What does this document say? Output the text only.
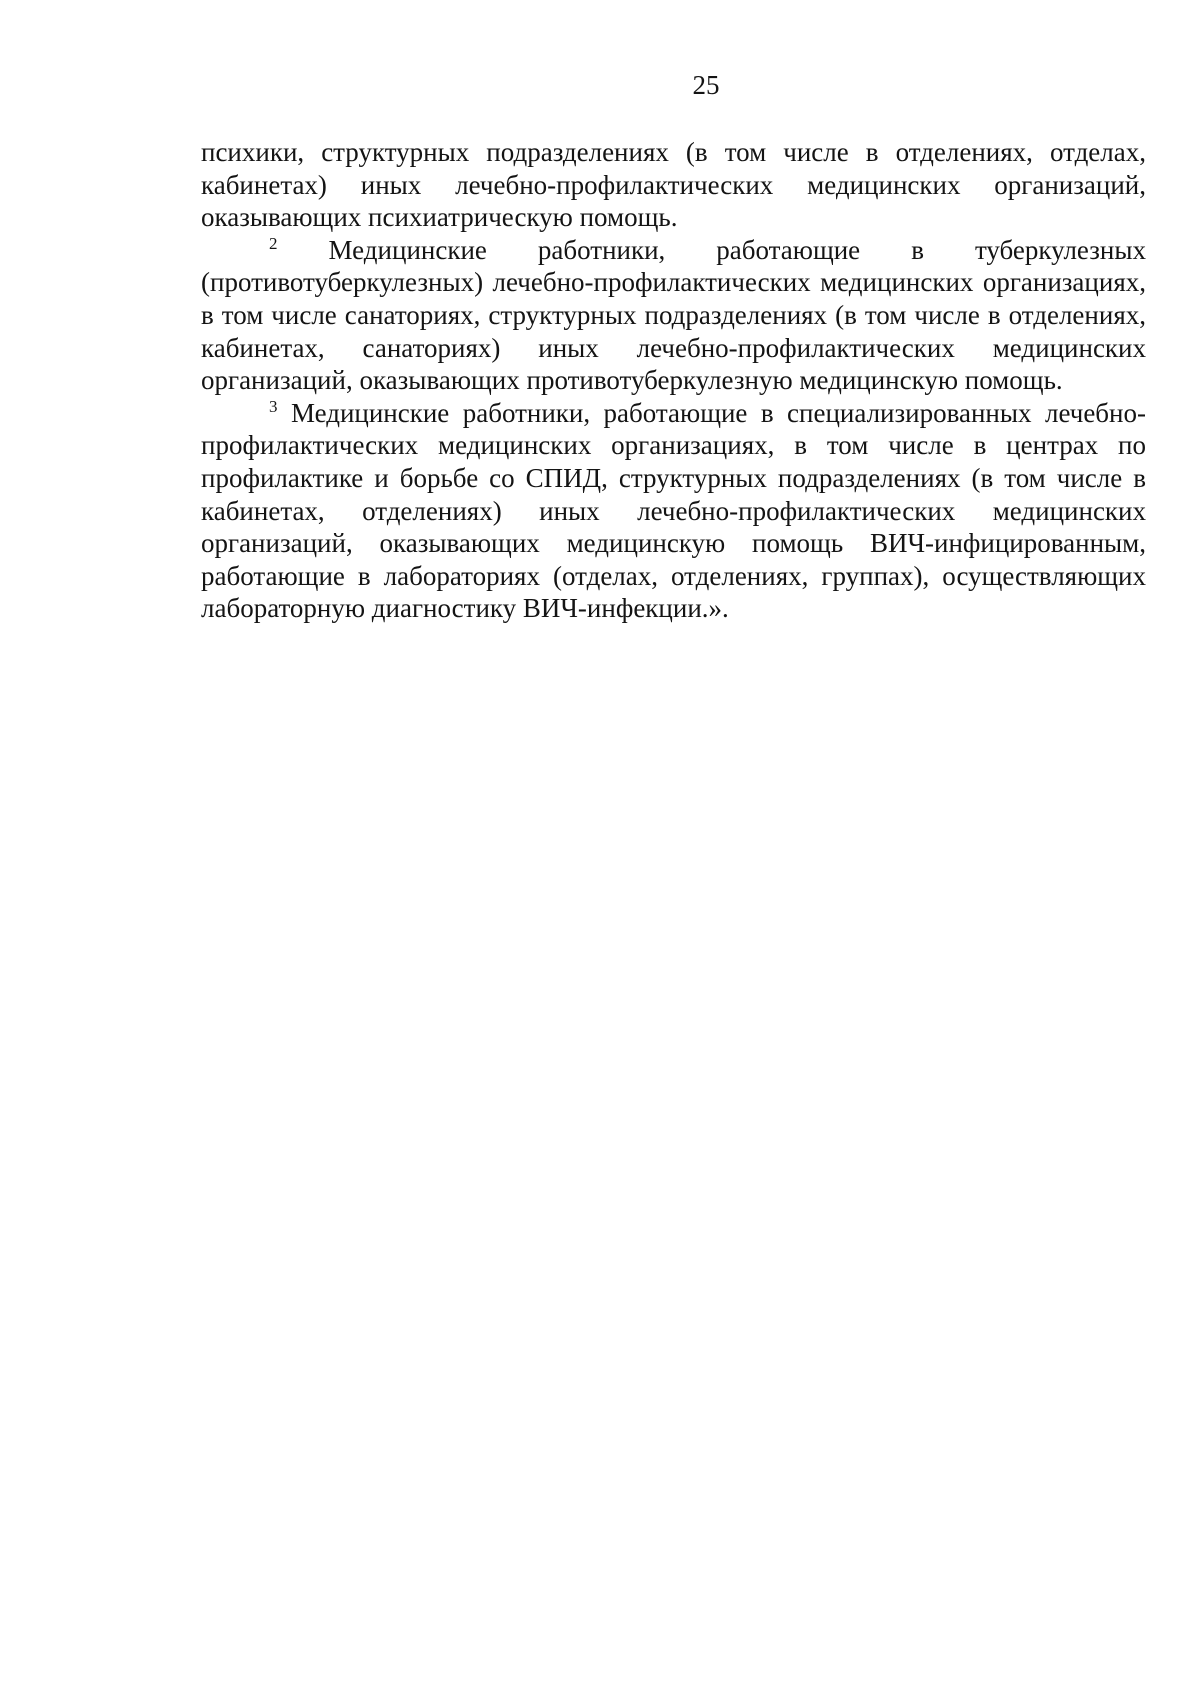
25

психики, структурных подразделениях (в том числе в отделениях, отделах, кабинетах) иных лечебно-профилактических медицинских организаций, оказывающих психиатрическую помощь.

$^2$ Медицинские работники, работающие в туберкулезных (противотуберкулезных) лечебно-профилактических медицинских организациях, в том числе санаториях, структурных подразделениях (в том числе в отделениях, кабинетах, санаториях) иных лечебно-профилактических медицинских организаций, оказывающих противотуберкулезную медицинскую помощь.

$^3$ Медицинские работники, работающие в специализированных лечебно-профилактических медицинских организациях, в том числе в центрах по профилактике и борьбе со СПИД, структурных подразделениях (в том числе в кабинетах, отделениях) иных лечебно-профилактических медицинских организаций, оказывающих медицинскую помощь ВИЧ-инфицированным, работающие в лабораториях (отделах, отделениях, группах), осуществляющих лабораторную диагностику ВИЧ-инфекции.».
